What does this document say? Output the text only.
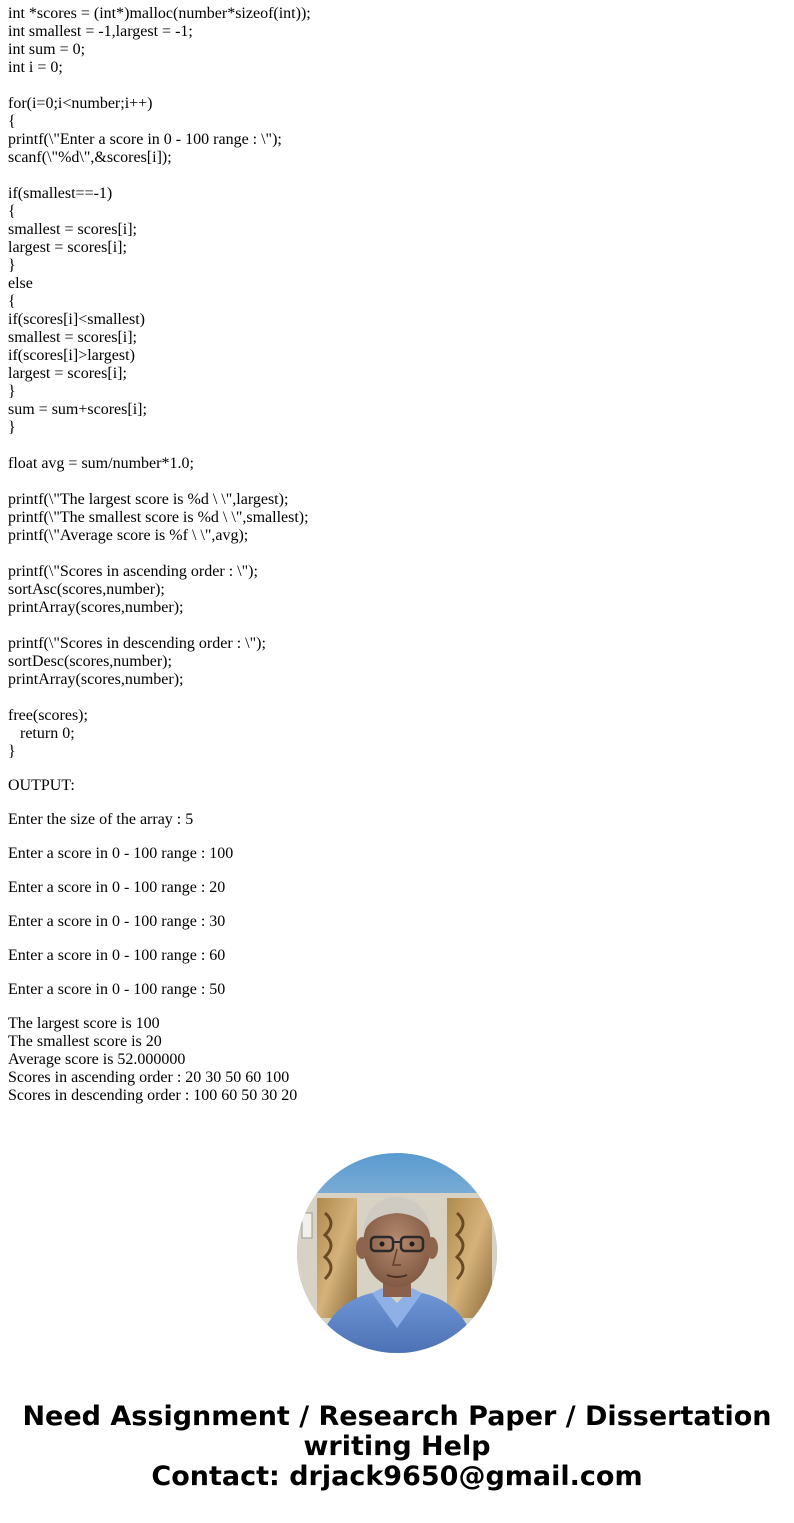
int *scores = (int*)malloc(number*sizeof(int));
int smallest = -1,largest = -1;
int sum = 0;
int i = 0;
for(i=0;i<number;i++)
{
printf(\"Enter a score in 0 - 100 range : \");
scanf(\"%d\",&scores[i]);
if(smallest==-1)
{
smallest = scores[i];
largest = scores[i];
}
else
{
if(scores[i]<smallest)
smallest = scores[i];
if(scores[i]>largest)
largest = scores[i];
}
sum = sum+scores[i];
}
float avg = sum/number*1.0;
printf(\"The largest score is %d \ \",largest);
printf(\"The smallest score is %d \ \",smallest);
printf(\"Average score is %f \ \",avg);
printf(\"Scores in ascending order : \");
sortAsc(scores,number);
printArray(scores,number);
printf(\"Scores in descending order : \");
sortDesc(scores,number);
printArray(scores,number);
free(scores);
return 0;
}
OUTPUT:
Enter the size of the array : 5
Enter a score in 0 - 100 range : 100
Enter a score in 0 - 100 range : 20
Enter a score in 0 - 100 range : 30
Enter a score in 0 - 100 range : 60
Enter a score in 0 - 100 range : 50
The largest score is 100
The smallest score is 20
Average score is 52.000000
Scores in ascending order : 20 30 50 60 100
Scores in descending order : 100 60 50 30 20
Need Assignment / Research Paper / Dissertation
writing Help
Contact: drjack9650@gmail.com
